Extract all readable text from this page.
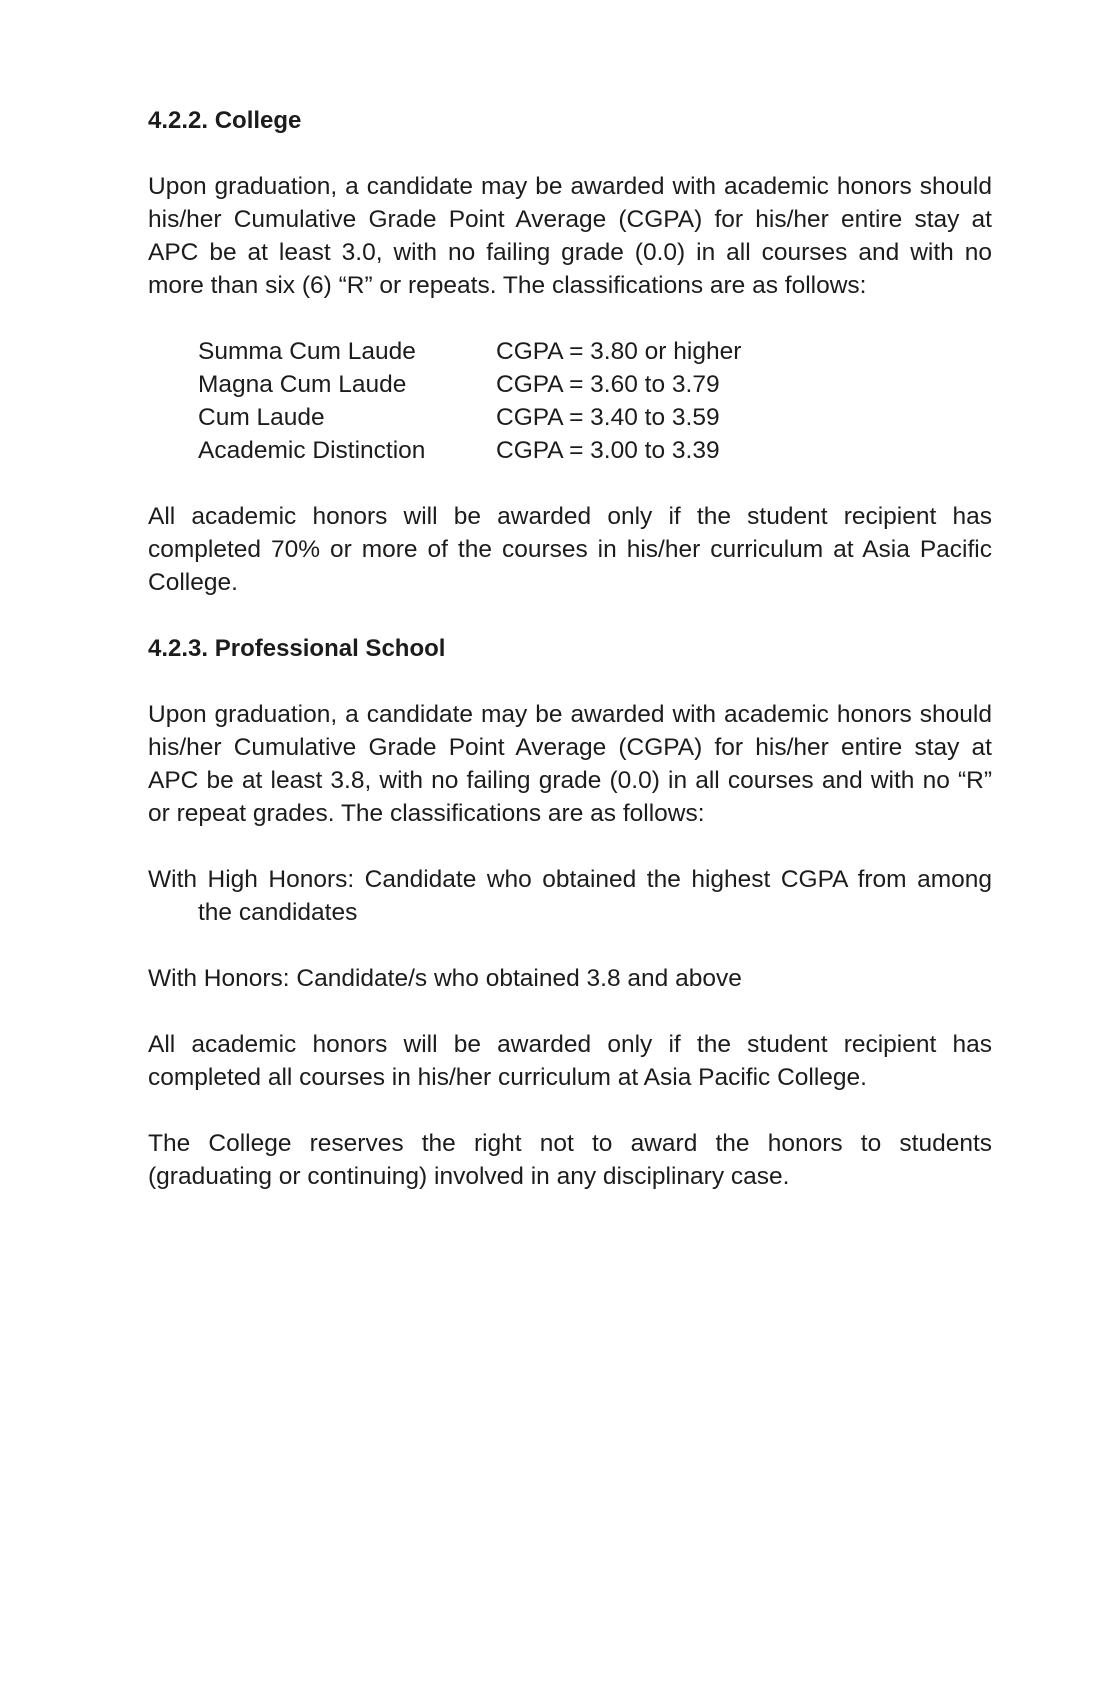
4.2.2. College
Upon graduation, a candidate may be awarded with academic honors should his/her Cumulative Grade Point Average (CGPA) for his/her entire stay at APC be at least 3.0, with no failing grade (0.0) in all courses and with no more than six (6) “R” or repeats. The classifications are as follows:
Summa Cum Laude	CGPA = 3.80 or higher
Magna Cum Laude	CGPA = 3.60 to 3.79
Cum Laude	CGPA = 3.40 to 3.59
Academic Distinction	CGPA = 3.00 to 3.39
All academic honors will be awarded only if the student recipient has completed 70% or more of the courses in his/her curriculum at Asia Pacific College.
4.2.3. Professional School
Upon graduation, a candidate may be awarded with academic honors should his/her Cumulative Grade Point Average (CGPA) for his/her entire stay at APC be at least 3.8, with no failing grade (0.0) in all courses and with no “R” or repeat grades. The classifications are as follows:
With High Honors: Candidate who obtained the highest CGPA from among the candidates
With Honors: Candidate/s who obtained 3.8 and above
All academic honors will be awarded only if the student recipient has completed all courses in his/her curriculum at Asia Pacific College.
The College reserves the right not to award the honors to students (graduating or continuing) involved in any disciplinary case.
